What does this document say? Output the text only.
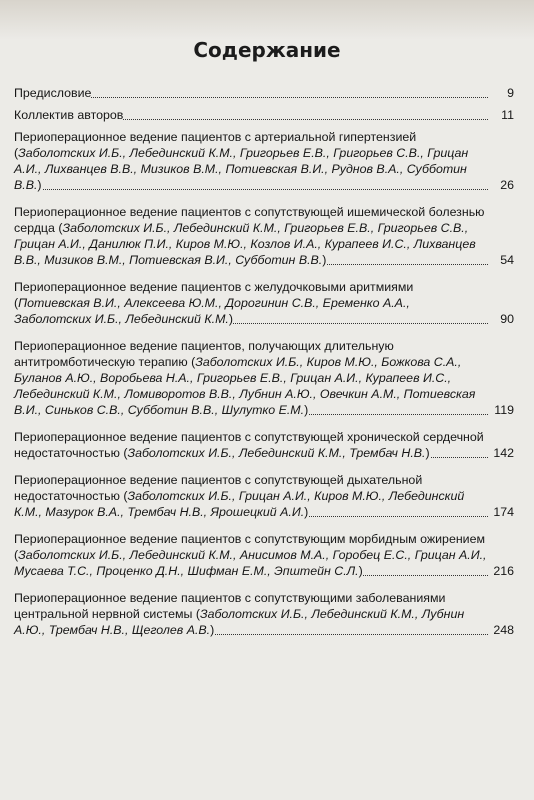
Содержание
Предисловие	9
Коллектив авторов	11
Периоперационное ведение пациентов с артериальной гипертензией (Заболотских И.Б., Лебединский К.М., Григорьев Е.В., Григорьев С.В., Грицан А.И., Лихванцев В.В., Мизиков В.М., Потиевская В.И., Руднов В.А., Субботин В.В.)	26
Периоперационное ведение пациентов с сопутствующей ишемической болезнью сердца (Заболотских И.Б., Лебединский К.М., Григорьев Е.В., Григорьев С.В., Грицан А.И., Данилюк П.И., Киров М.Ю., Козлов И.А., Курапеев И.С., Лихванцев В.В., Мизиков В.М., Потиевская В.И., Субботин В.В.)	54
Периоперационное ведение пациентов с желудочковыми аритмиями (Потиевская В.И., Алексеева Ю.М., Дорогинин С.В., Еременко А.А., Заболотских И.Б., Лебединский К.М.)	90
Периоперационное ведение пациентов, получающих длительную антитромботическую терапию (Заболотских И.Б., Киров М.Ю., Божкова С.А., Буланов А.Ю., Воробьева Н.А., Григорьев Е.В., Грицан А.И., Курапеев И.С., Лебединский К.М., Ломиворотов В.В., Лубнин А.Ю., Овечкин А.М., Потиевская В.И., Синьков С.В., Субботин В.В., Шулутко Е.М.)	119
Периоперационное ведение пациентов с сопутствующей хронической сердечной недостаточностью (Заболотских И.Б., Лебединский К.М., Трембач Н.В.)	142
Периоперационное ведение пациентов с сопутствующей дыхательной недостаточностью (Заболотских И.Б., Грицан А.И., Киров М.Ю., Лебединский К.М., Мазурок В.А., Трембач Н.В., Ярошецкий А.И.)	174
Периоперационное ведение пациентов с сопутствующим морбидным ожирением (Заболотских И.Б., Лебединский К.М., Анисимов М.А., Горобец Е.С., Грицан А.И., Мусаева Т.С., Проценко Д.Н., Шифман Е.М., Эпштейн С.Л.)	216
Периоперационное ведение пациентов с сопутствующими заболеваниями центральной нервной системы (Заболотских И.Б., Лебединский К.М., Лубнин А.Ю., Трембач Н.В., Щеголев А.В.)	248
